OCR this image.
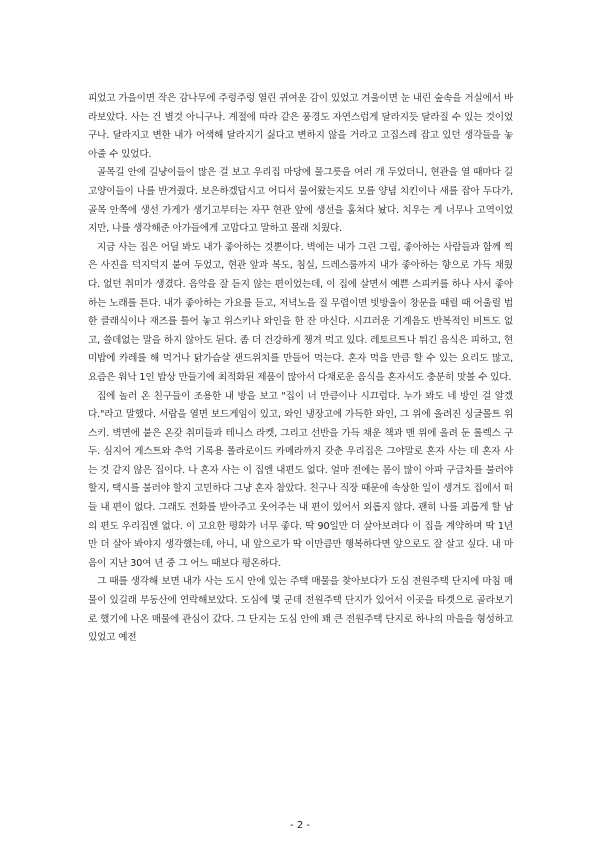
피었고 가을이면 작은 감나무에 주렁주렁 열린 귀여운 감이 있었고 겨울이면 눈 내린 숲속을 거실에서 바라보았다. 사는 건 별것 아니구나. 계절에 따라 같은 풍경도 자연스럽게 달라지듯 달라질 수 있는 것이었구나. 달라지고 변한 내가 어색해 달라지기 싫다고 변하지 않을 거라고 고집스레 잡고 있던 생각들을 놓아줄 수 있었다.

골목길 안에 길냥이들이 많은 걸 보고 우리집 마당에 물그릇을 여러 개 두었더니, 현관을 열 때마다 길고양이들이 나를 반겨줬다. 보은하겠답시고 어디서 물어왔는지도 모를 양념 치킨이나 새를 잡아 두다가, 골목 안쪽에 생선 가게가 생기고부터는 자꾸 현관 앞에 생선을 훔쳐다 놨다. 치우는 게 너무나 고역이었지만, 나를 생각해준 아가들에게 고맙다고 말하고 몰래 치웠다.

지금 사는 집은 어딜 봐도 내가 좋아하는 것뿐이다. 벽에는 내가 그린 그림, 좋아하는 사람들과 함께 찍은 사진을 덕지덕지 붙여 두었고, 현관 앞과 복도, 침실, 드레스룸까지 내가 좋아하는 향으로 가득 채웠다. 없던 취미가 생겼다. 음악을 잘 듣지 않는 편이었는데, 이 집에 살면서 예쁜 스피커를 하나 사서 좋아하는 노래를 튼다. 내가 좋아하는 가요를 듣고, 저녁노을 질 무렵이면 빗방울이 창문을 때릴 때 어울릴 법한 클래식이나 재즈를 틀어 놓고 위스키나 와인을 한 잔 마신다. 시끄러운 기계음도 반복적인 비트도 없고, 쓸데없는 말을 하지 않아도 된다. 좀 더 건강하게 챙겨 먹고 있다. 레토르트나 튀긴 음식은 피하고, 현미밥에 카레를 해 먹거나 닭가슴살 샌드위치를 만들어 먹는다. 혼자 먹을 만큼 할 수 있는 요리도 많고, 요즘은 워낙 1인 밥상 만들기에 최적화된 제품이 많아서 다채로운 음식을 혼자서도 충분히 맛볼 수 있다.

집에 놀러 온 친구들이 조용한 내 방을 보고 "집이 너 만큼이나 시끄럽다. 누가 봐도 네 방인 걸 알겠다."라고 말했다. 서랍을 열면 보드게임이 있고, 와인 냉장고에 가득한 와인, 그 위에 올려진 싱글몰트 위스키. 벽면에 붙은 온갖 취미들과 테니스 라켓, 그리고 선반을 가득 채운 책과 맨 위에 올려 둔 롤렉스 구두. 심지어 게스트와 추억 기록용 폴라로이드 카메라까지 갖춘 우리집은 그야말로 혼자 사는 데 혼자 사는 것 같지 않은 집이다. 나 혼자 사는 이 집엔 내편도 없다. 얼마 전에는 몸이 많이 아파 구급차를 불러야 할지, 택시를 불러야 할지 고민하다 그냥 혼자 참았다. 친구나 직장 때문에 속상한 일이 생겨도 집에서 떠들 내 편이 없다. 그래도 전화를 받아주고 웃어주는 내 편이 있어서 외롭지 않다. 괜히 나를 괴롭게 할 남의 편도 우리집엔 없다. 이 고요한 평화가 너무 좋다. 딱 90일만 더 살아보려다 이 집을 계약하며 딱 1년만 더 살아 봐야지 생각했는데, 아니, 내 앞으로가 딱 이만큼만 행복하다면 앞으로도 잘 살고 싶다. 내 마음이 지난 30여 년 중 그 어느 때보다 평온하다.

그 때를 생각해 보면 내가 사는 도시 안에 있는 주택 매물을 찾아보다가 도심 전원주택 단지에 마침 매물이 있길래 부동산에 연락해보았다. 도심에 몇 군데 전원주택 단지가 있어서 이곳을 타겟으로 골라보기로 했기에 나온 매물에 관심이 갔다. 그 단지는 도심 안에 꽤 큰 전원주택 단지로 하나의 마을을 형성하고 있었고 예전

- 2 -
